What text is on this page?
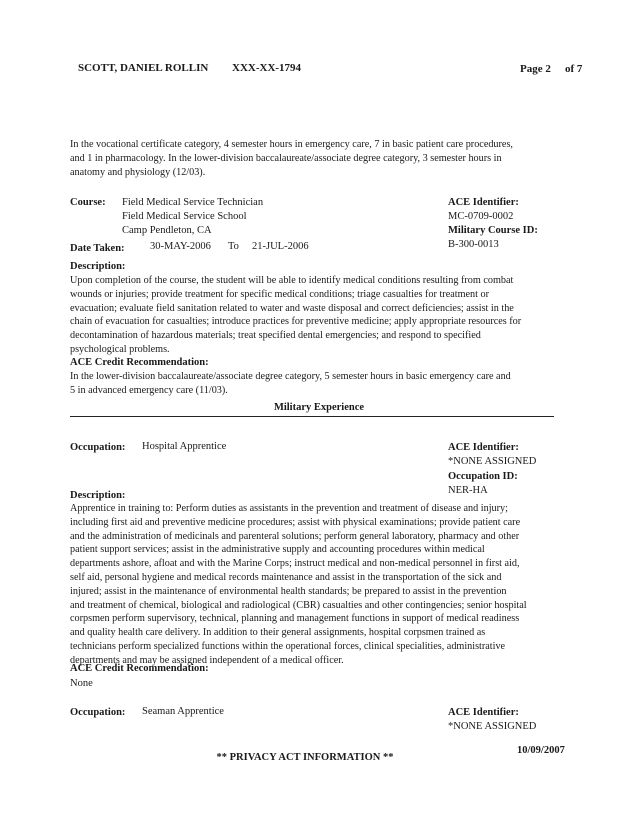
SCOTT, DANIEL ROLLIN XXX-XX-1794	Page 2 of 7
In the vocational certificate category, 4 semester hours in emergency care, 7 in basic patient care procedures,
and 1 in pharmacology. In the lower-division baccalaureate/associate degree category, 3 semester hours in
anatomy and physiology (12/03).
Course: Field Medical Service Technician
Field Medical Service School
Camp Pendleton, CA
ACE Identifier:
MC-0709-0002
Military Course ID:
B-300-0013
Date Taken: 30-MAY-2006 To 21-JUL-2006
Description:
Upon completion of the course, the student will be able to identify medical conditions resulting from combat
wounds or injuries; provide treatment for specific medical conditions; triage casualties for treatment or
evacuation; evaluate field sanitation related to water and waste disposal and correct deficiencies; assist in the
chain of evacuation for casualties; introduce practices for preventive medicine; apply appropriate resources for
decontamination of hazardous materials; treat specified dental emergencies; and respond to specified
psychological problems.
ACE Credit Recommendation:
In the lower-division baccalaureate/associate degree category, 5 semester hours in basic emergency care and
5 in advanced emergency care (11/03).
Military Experience
Occupation: Hospital Apprentice	ACE Identifier:
*NONE ASSIGNED
Occupation ID:
NER-HA
Description:
Apprentice in training to: Perform duties as assistants in the prevention and treatment of disease and injury;
including first aid and preventive medicine procedures; assist with physical examinations; provide patient care
and the administration of medicinals and parenteral solutions; perform general laboratory, pharmacy and other
patient support services; assist in the administrative supply and accounting procedures within medical
departments ashore, afloat and with the Marine Corps; instruct medical and non-medical personnel in first aid,
self aid, personal hygiene and medical records maintenance and assist in the transportation of the sick and
injured; assist in the maintenance of environmental health standards; be prepared to assist in the prevention
and treatment of chemical, biological and radiological (CBR) casualties and other contingencies; senior hospital
corpsmen perform supervisory, technical, planning and management functions in support of medical readiness
and quality health care delivery. In addition to their general assignments, hospital corpsmen trained as
technicians perform specialized functions within the operational forces, clinical specialities, administrative
departments and may be assigned independent of a medical officer.
ACE Credit Recommendation:
None
Occupation: Seaman Apprentice	ACE Identifier:
*NONE ASSIGNED
** PRIVACY ACT INFORMATION **
10/09/2007
